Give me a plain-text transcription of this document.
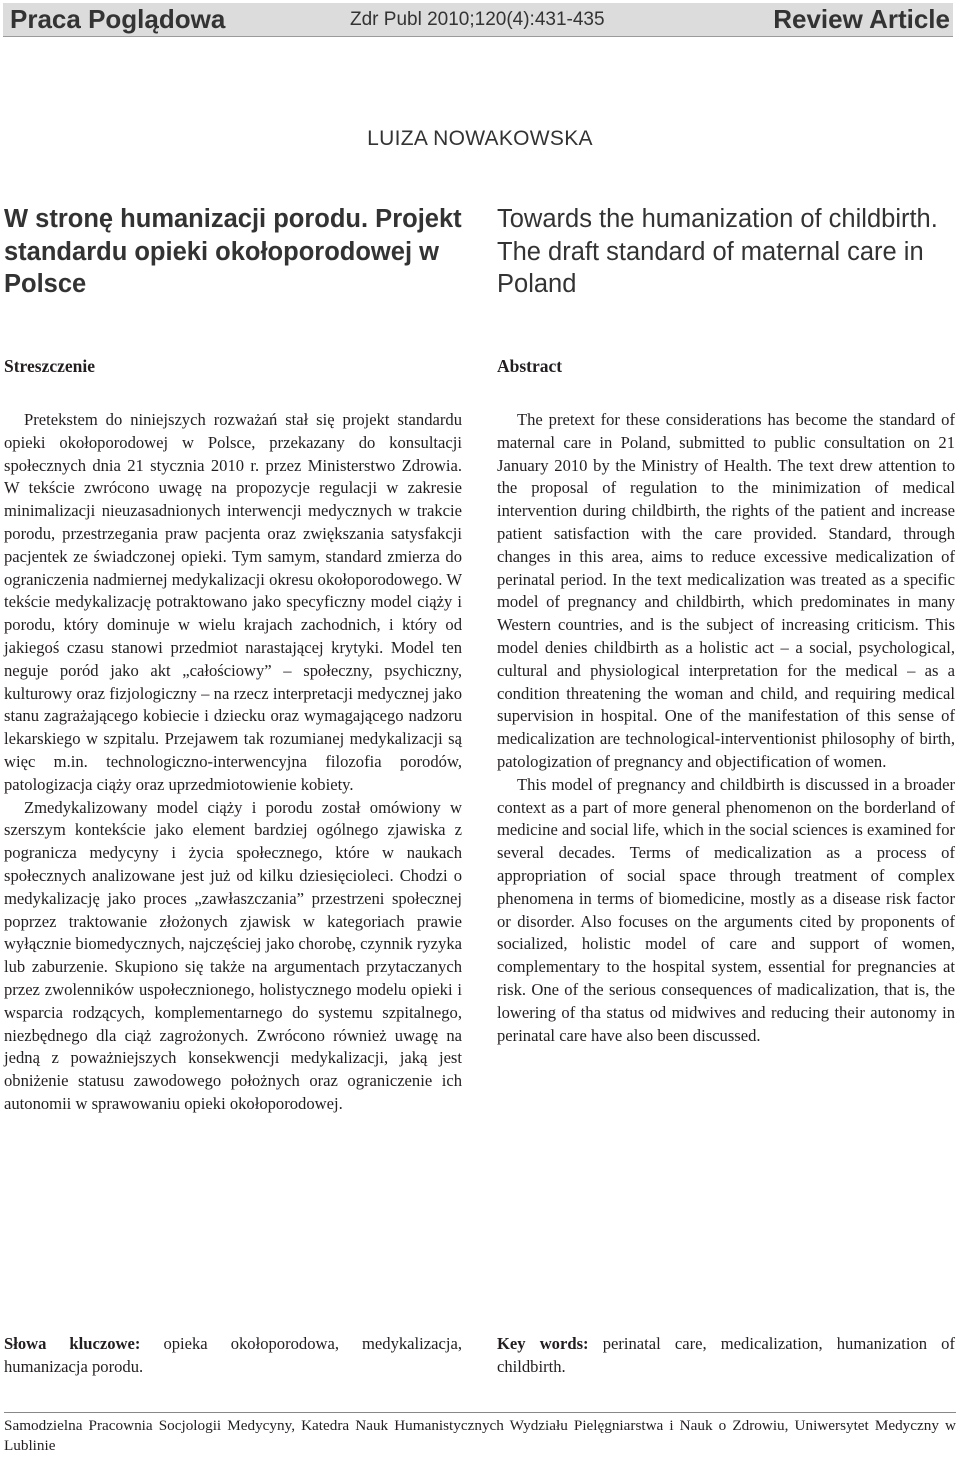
Praca Poglądowa	Zdr Publ 2010;120(4):431-435	Review Article
LUIZA NOWAKOWSKA
W stronę humanizacji porodu. Projekt standardu opieki okołoporodowej w Polsce
Towards the humanization of childbirth. The draft standard of maternal care in Poland
Streszczenie	Abstract

Pretekstem do niniejszych rozważań stał się projekt standardu opieki okołoporodowej w Polsce, przekazany do konsultacji społecznych dnia 21 stycznia 2010 r. przez Ministerstwo Zdrowia. W tekście zwrócono uwagę na propozycje regulacji w zakresie minimalizacji nieuzasadnionych interwencji medycznych w trakcie porodu, przestrzegania praw pacjenta oraz zwiększania satysfakcji pacjentek ze świadczonej opieki. Tym samym, standard zmierza do ograniczenia nadmiernej medykalizacji okresu okołoporodowego. W tekście medykalizację potraktowano jako specyficzny model ciąży i porodu, który dominuje w wielu krajach zachodnich, i który od jakiegoś czasu stanowi przedmiot narastającej krytyki. Model ten neguje poród jako akt „całościowy” – społeczny, psychiczny, kulturowy oraz fizjologiczny – na rzecz interpretacji medycznej jako stanu zagrażającego kobiecie i dziecku oraz wymagającego nadzoru lekarskiego w szpitalu. Przejawem tak rozumianej medykalizacji są więc m.in. technologiczno-interwencyjna filozofia porodów, patologizacja ciąży oraz uprzedmiotowienie kobiety.

Zmedykalizowany model ciąży i porodu został omówiony w szerszym kontekście jako element bardziej ogólnego zjawiska z pogranicza medycyny i życia społecznego, które w naukach społecznych analizowane jest już od kilku dziesięcioleci. Chodzi o medykalizację jako proces „zawłaszczania” przestrzeni społecznej poprzez traktowanie złożonych zjawisk w kategoriach prawie wyłącznie biomedycznych, najczęściej jako chorobę, czynnik ryzyka lub zaburzenie. Skupiono się także na argumentach przytaczanych przez zwolenników uspołecznionego, holistycznego modelu opieki i wsparcia rodzących, komplementarnego do systemu szpitalnego, niezbędnego dla ciąż zagrożonych. Zwrócono również uwagę na jedną z poważniejszych konsekwencji medykalizacji, jaką jest obniżenie statusu zawodowego położnych oraz ograniczenie ich autonomii w sprawowaniu opieki okołoporodowej.

The pretext for these considerations has become the standard of maternal care in Poland, submitted to public consultation on 21 January 2010 by the Ministry of Health. The text drew attention to the proposal of regulation to the minimization of medical intervention during childbirth, the rights of the patient and increase patient satisfaction with the care provided. Standard, through changes in this area, aims to reduce excessive medicalization of perinatal period. In the text medicalization was treated as a specific model of pregnancy and childbirth, which predominates in many Western countries, and is the subject of increasing criticism. This model denies childbirth as a holistic act – a social, psychological, cultural and physiological interpretation for the medical – as a condition threatening the woman and child, and requiring medical supervision in hospital. One of the manifestation of this sense of medicalization are technological-interventionist philosophy of birth, patologization of pregnancy and objectification of women.

This model of pregnancy and childbirth is discussed in a broader context as a part of more general phenomenon on the borderland of medicine and social life, which in the social sciences is examined for several decades. Terms of medicalization as a process of appropriation of social space through treatment of complex phenomena in terms of biomedicine, mostly as a disease risk factor or disorder. Also focuses on the arguments cited by proponents of socialized, holistic model of care and support of women, complementary to the hospital system, essential for pregnancies at risk. One of the serious consequences of madicalization, that is, the lowering of tha status od midwives and reducing their autonomy in perinatal care have also been discussed.

Słowa kluczowe: opieka okołoporodowa, medykalizacja, humanizacja porodu.
Key words: perinatal care, medicalization, humanization of childbirth.
Samodzielna Pracownia Socjologii Medycyny, Katedra Nauk Humanistycznych Wydziału Pielęgniarstwa i Nauk o Zdrowiu, Uniwersytet Medyczny w Lublinie
